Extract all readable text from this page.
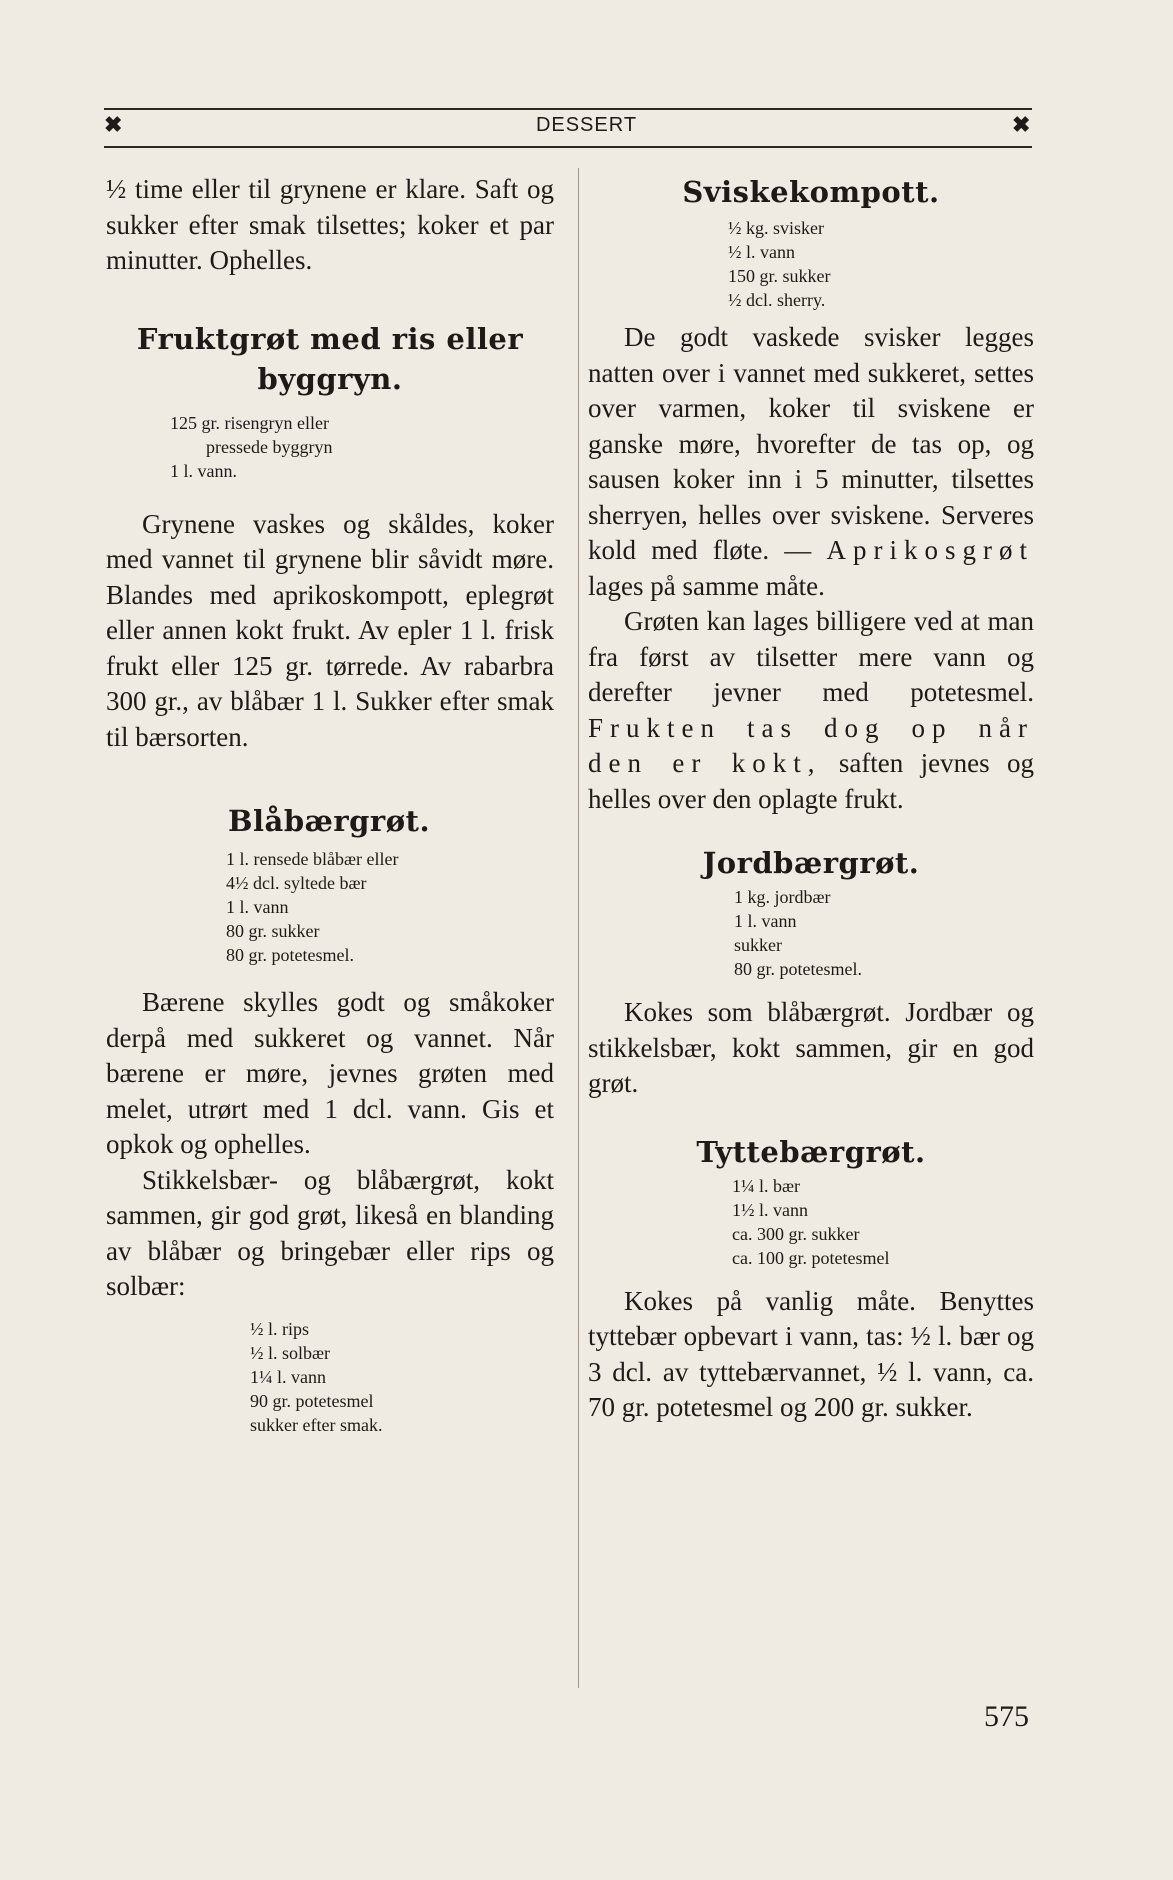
✖	DESSERT	✖

½ time eller til grynene er klare. Saft og sukker efter smak tilsettes; koker et par minutter. Ophelles.

Fruktgrøt med ris eller

byggryn.

125 gr. risengryn eller
pressede byggryn
1 l. vann.

Grynene vaskes og skåldes, koker med vannet til grynene blir såvidt møre. Blandes med aprikoskompott, eplegrøt eller annen kokt frukt. Av epler 1 l. frisk frukt eller 125 gr. tørrede. Av rabarbra 300 gr., av blåbær 1 l. Sukker efter smak til bærsorten.

Blåbærgrøt.

1 l. rensede blåbær eller
4½ dcl. syltede bær
1 l. vann
80 gr. sukker
80 gr. potetesmel.

Bærene skylles godt og småkoker derpå med sukkeret og vannet. Når bærene er møre, jevnes grøten med melet, utrørt med 1 dcl. vann. Gis et opkok og ophelles.

Stikkelsbær- og blåbærgrøt, kokt sammen, gir god grøt, likeså en blanding av blåbær og bringebær eller rips og solbær:

½ l. rips
½ l. solbær
1¼ l. vann
90 gr. potetesmel
sukker efter smak.

Sviskekompott.

½ kg. svisker
½ l. vann
150 gr. sukker
½ dcl. sherry.

De godt vaskede svisker legges natten over i vannet med sukkeret, settes over varmen, koker til sviskene er ganske møre, hvorefter de tas op, og sausen koker inn i 5 minutter, tilsettes sherryen, helles over sviskene. Serveres kold med fløte. — Aprikosgrøt lages på samme måte.

Grøten kan lages billigere ved at man fra først av tilsetter mere vann og derefter jevner med potetesmel. Frukten tas dog op når den er kokt, saften jevnes og helles over den oplagte frukt.

Jordbærgrøt.

1 kg. jordbær
1 l. vann
sukker
80 gr. potetesmel.

Kokes som blåbærgrøt. Jordbær og stikkelsbær, kokt sammen, gir en god grøt.

Tyttebærgrøt.

1¼ l. bær
1½ l. vann
ca. 300 gr. sukker
ca. 100 gr. potetesmel

Kokes på vanlig måte. Benyttes tyttebær opbevart i vann, tas: ½ l. bær og 3 dcl. av tyttebærvannet, ½ l. vann, ca. 70 gr. potetesmel og 200 gr. sukker.

575
